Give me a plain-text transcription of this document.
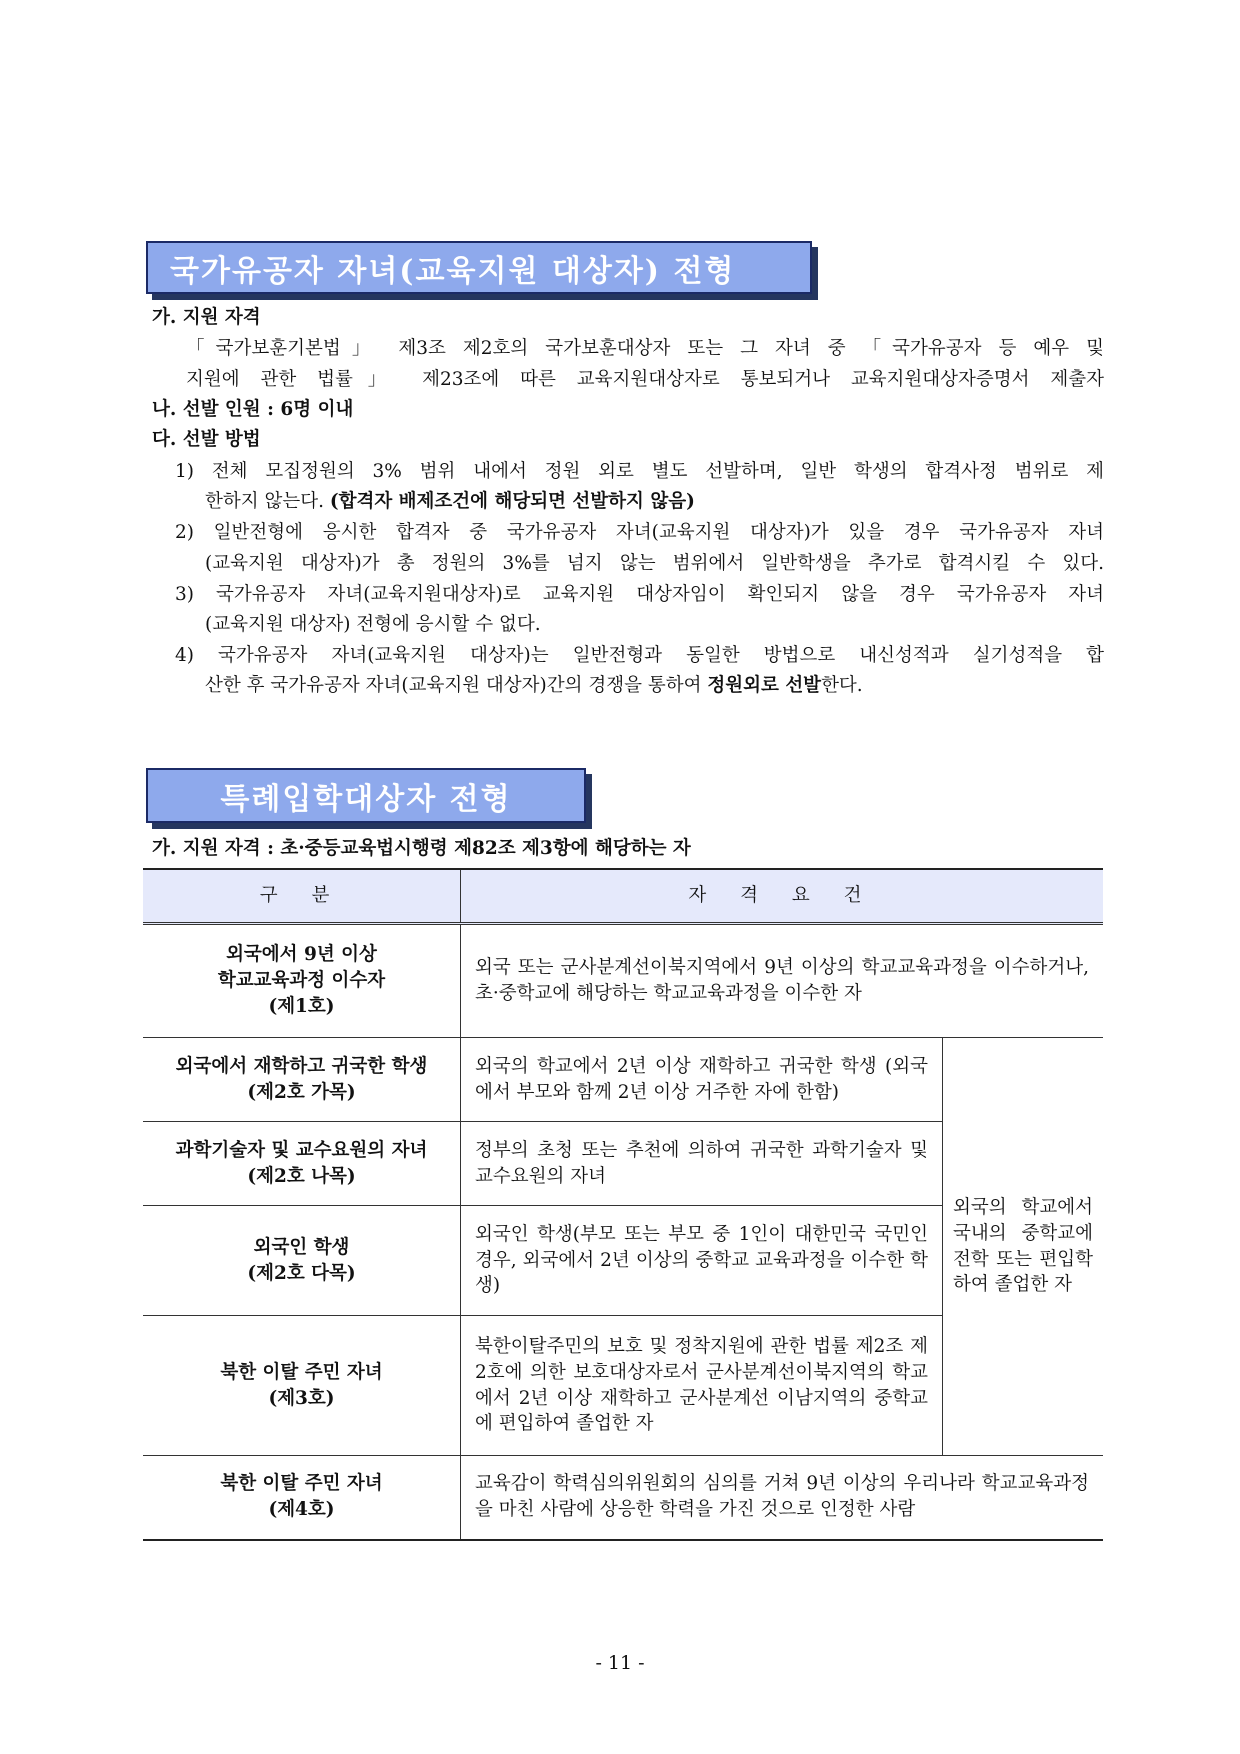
국가유공자 자녀(교육지원 대상자) 전형
가. 지원 자격
「국가보훈기본법」 제3조 제2호의 국가보훈대상자 또는 그 자녀 중 「국가유공자 등 예우 및
지원에 관한 법률」 제23조에 따른 교육지원대상자로 통보되거나 교육지원대상자증명서 제출자
나. 선발 인원 : 6명 이내
다. 선발 방법
1) 전체 모집정원의 3% 범위 내에서 정원 외로 별도 선발하며, 일반 학생의 합격사정 범위로 제
한하지 않는다. (합격자 배제조건에 해당되면 선발하지 않음)
2) 일반전형에 응시한 합격자 중 국가유공자 자녀(교육지원 대상자)가 있을 경우 국가유공자 자녀
(교육지원 대상자)가 총 정원의 3%를 넘지 않는 범위에서 일반학생을 추가로 합격시킬 수 있다.
3) 국가유공자 자녀(교육지원대상자)로 교육지원 대상자임이 확인되지 않을 경우 국가유공자 자녀
(교육지원 대상자) 전형에 응시할 수 없다.
4) 국가유공자 자녀(교육지원 대상자)는 일반전형과 동일한 방법으로 내신성적과 실기성적을 합
산한 후 국가유공자 자녀(교육지원 대상자)간의 경쟁을 통하여 정원외로 선발한다.
특례입학대상자 전형
가. 지원 자격 : 초·중등교육법시행령 제82조 제3항에 해당하는 자
구 분	자 격 요 건	

외국에서 9년 이상
학교교육과정 이수자
(제1호)	외국 또는 군사분계선이북지역에서 9년 이상의 학교교육과정을 이수하거나, 초·중학교에 해당하는 학교교육과정을 이수한 자	

외국에서 재학하고 귀국한 학생
(제2호 가목)	외국의 학교에서 2년 이상 재학하고 귀국한 학생 (외국에서 부모와 함께 2년 이상 거주한 자에 한함)	외국의 학교에서 국내의 중학교에 전학 또는 편입학하여 졸업한 자

과학기술자 및 교수요원의 자녀
(제2호 나목)	정부의 초청 또는 추천에 의하여 귀국한 과학기술자 및 교수요원의 자녀	

외국인 학생
(제2호 다목)	외국인 학생(부모 또는 부모 중 1인이 대한민국 국민인 경우, 외국에서 2년 이상의 중학교 교육과정을 이수한 학생)	

북한 이탈 주민 자녀
(제3호)	북한이탈주민의 보호 및 정착지원에 관한 법률 제2조 제2호에 의한 보호대상자로서 군사분계선이북지역의 학교에서 2년 이상 재학하고 군사분계선 이남지역의 중학교에 편입하여 졸업한 자	

북한 이탈 주민 자녀
(제4호)	교육감이 학력심의위원회의 심의를 거쳐 9년 이상의 우리나라 학교교육과정을 마친 사람에 상응한 학력을 가진 것으로 인정한 사람	
- 11 -
